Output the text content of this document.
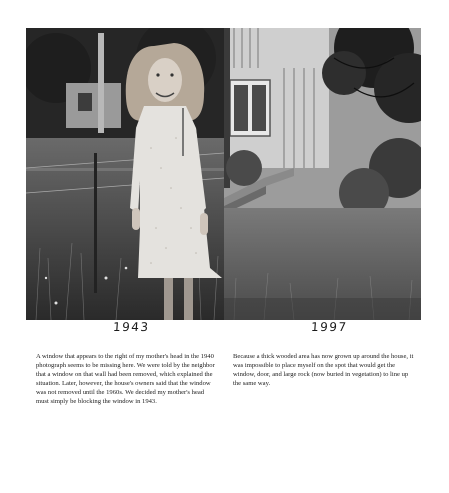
1943	1997

A window that appears to the right of my mother's head in the 1940 photograph seems to be missing here. We were told by the neighbor that a window on that wall had been removed, which explained the situation. Later, however, the house's owners said that the window was not removed until the 1960s. We decided my mother's head must simply be blocking the window in 1943.

Because a thick wooded area has now grown up around the house, it was impossible to place myself on the spot that would get the window, door, and large rock (now buried in vegetation) to line up the same way.
